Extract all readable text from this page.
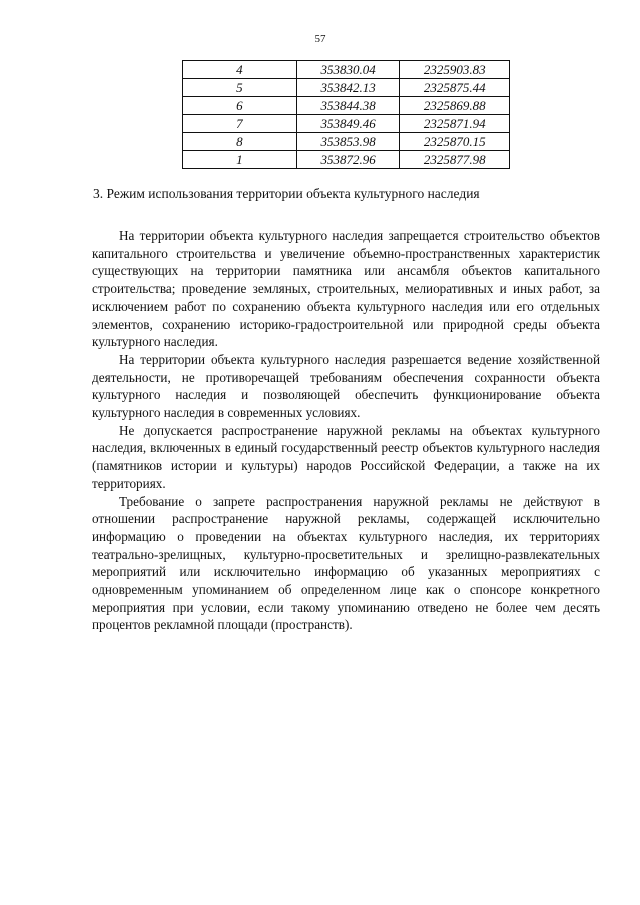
57
4	353830.04	2325903.83
5	353842.13	2325875.44
6	353844.38	2325869.88
7	353849.46	2325871.94
8	353853.98	2325870.15
1	353872.96	2325877.98
3. Режим использования территории объекта культурного наследия

На территории объекта культурного наследия запрещается строительство объектов капитального строительства и увеличение объемно-пространственных характеристик существующих на территории памятника или ансамбля объектов капитального строительства; проведение земляных, строительных, мелиоративных и иных работ, за исключением работ по сохранению объекта культурного наследия или его отдельных элементов, сохранению историко-градостроительной или природной среды объекта культурного наследия.

На территории объекта культурного наследия разрешается ведение хозяйственной деятельности, не противоречащей требованиям обеспечения сохранности объекта культурного наследия и позволяющей обеспечить функционирование объекта культурного наследия в современных условиях.

Не допускается распространение наружной рекламы на объектах культурного наследия, включенных в единый государственный реестр объектов культурного наследия (памятников истории и культуры) народов Российской Федерации, а также на их территориях.

Требование о запрете распространения наружной рекламы не действуют в отношении распространение наружной рекламы, содержащей исключительно информацию о проведении на объектах культурного наследия, их территориях театрально-зрелищных, культурно-просветительных и зрелищно-развлекательных мероприятий или исключительно информацию об указанных мероприятиях с одновременным упоминанием об определенном лице как о спонсоре конкретного мероприятия при условии, если такому упоминанию отведено не более чем десять процентов рекламной площади (пространств).
